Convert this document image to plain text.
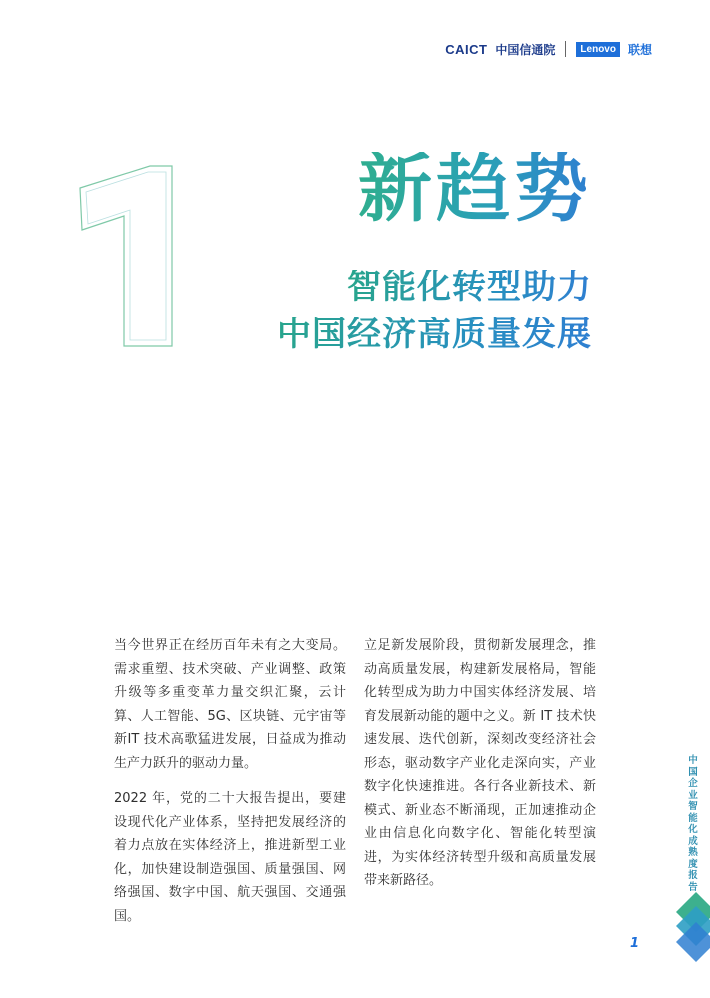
CAICT 中国信通院	Lenovo	联想
新趋势
智能化转型助力
中国经济高质量发展

当今世界正在经历百年未有之大变局。需求重塑、技术突破、产业调整、政策升级等多重变革力量交织汇聚，云计算、人工智能、5G、区块链、元宇宙等新IT 技术高歌猛进发展，日益成为推动生产力跃升的驱动力量。

2022 年，党的二十大报告提出，要建设现代化产业体系，坚持把发展经济的着力点放在实体经济上，推进新型工业化，加快建设制造强国、质量强国、网络强国、数字中国、航天强国、交通强国。

立足新发展阶段，贯彻新发展理念，推动高质量发展，构建新发展格局，智能化转型成为助力中国实体经济发展、培育发展新动能的题中之义。新 IT 技术快速发展、迭代创新，深刻改变经济社会形态，驱动数字产业化走深向实，产业数字化快速推进。各行各业新技术、新模式、新业态不断涌现，正加速推动企业由信息化向数字化、智能化转型演进，为实体经济转型升级和高质量发展带来新路径。

中国企业智能化成熟度报告
1
